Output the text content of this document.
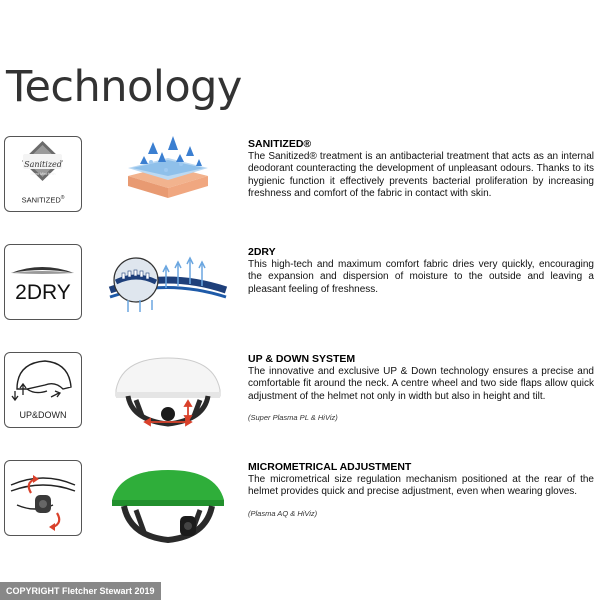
Technology
Sanitized
Micro Mint fresh
SANITIZED®
SANITIZED®

The Sanitized® treatment is an antibacterial treatment that acts as an internal deodorant counteracting the development of unpleasant odours. Thanks to its hygienic function it effectively prevents bacterial proliferation by increasing freshness and comfort of the fabric in contact with skin.

2DRY
2DRY

This high-tech and maximum comfort fabric dries very quickly, encouraging the expansion and dispersion of moisture to the outside and leaving a pleasant feeling of freshness.

UP&DOWN
UP & DOWN SYSTEM

The innovative and exclusive UP & Down technology ensures a precise and comfortable fit around the neck. A centre wheel and two side flaps allow quick adjustment of the helmet not only in width but also in height and tilt.

(Super Plasma PL & HiViz)

MICROMETRICAL ADJUSTMENT

The micrometrical size regulation mechanism positioned at the rear of the helmet provides quick and precise adjustment, even when wearing gloves.

(Plasma AQ & HiViz)

COPYRIGHT Fletcher Stewart 2019
